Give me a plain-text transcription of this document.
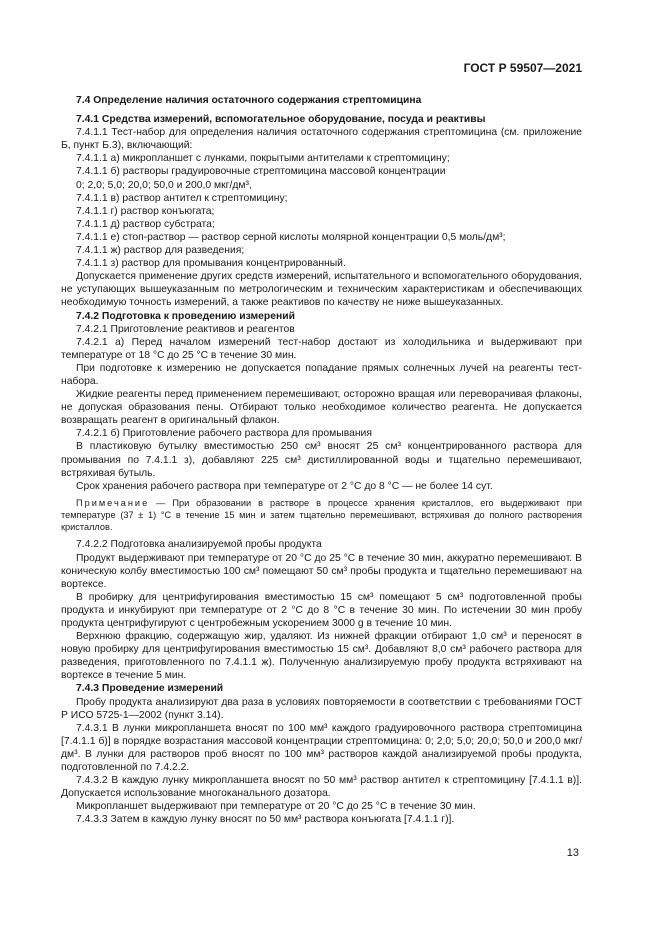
ГОСТ Р 59507—2021

7.4 Определение наличия остаточного содержания стрептомицина

7.4.1 Средства измерений, вспомогательное оборудование, посуда и реактивы

7.4.1.1 Тест-набор для определения наличия остаточного содержания стрептомицина (см. приложение Б, пункт Б.3), включающий:

7.4.1.1 а) микропланшет с лунками, покрытыми антителами к стрептомицину;

7.4.1.1 б) растворы градуировочные стрептомицина массовой концентрации

0; 2,0; 5,0; 20,0; 50,0 и 200,0 мкг/дм³,

7.4.1.1 в) раствор антител к стрептомицину;

7.4.1.1 г) раствор конъюгата;

7.4.1.1 д) раствор субстрата;

7.4.1.1 е) стоп-раствор — раствор серной кислоты молярной концентрации 0,5 моль/дм³;

7.4.1.1 ж) раствор для разведения;

7.4.1.1 з) раствор для промывания концентрированный.

Допускается применение других средств измерений, испытательного и вспомогательного оборудования, не уступающих вышеуказанным по метрологическим и техническим характеристикам и обеспечивающих необходимую точность измерений, а также реактивов по качеству не ниже вышеуказанных.

7.4.2 Подготовка к проведению измерений

7.4.2.1 Приготовление реактивов и реагентов

7.4.2.1 а) Перед началом измерений тест-набор достают из холодильника и выдерживают при температуре от 18 °С до 25 °С в течение 30 мин.

При подготовке к измерению не допускается попадание прямых солнечных лучей на реагенты тест-набора.

Жидкие реагенты перед применением перемешивают, осторожно вращая или переворачивая флаконы, не допуская образования пены. Отбирают только необходимое количество реагента. Не допускается возвращать реагент в оригинальный флакон.

7.4.2.1 б) Приготовление рабочего раствора для промывания

В пластиковую бутылку вместимостью 250 см³ вносят 25 см³ концентрированного раствора для промывания по 7.4.1.1 з), добавляют 225 см³ дистиллированной воды и тщательно перемешивают, встряхивая бутыль.

Срок хранения рабочего раствора при температуре от 2 °С до 8 °С — не более 14 сут.

Примечание — При образовании в растворе в процессе хранения кристаллов, его выдерживают при температуре (37 ± 1) °С в течение 15 мин и затем тщательно перемешивают, встряхивая до полного растворения кристаллов.

7.4.2.2 Подготовка анализируемой пробы продукта

Продукт выдерживают при температуре от 20 °С до 25 °С в течение 30 мин, аккуратно перемешивают. В коническую колбу вместимостью 100 см³ помещают 50 см³ пробы продукта и тщательно перемешивают на вортексе.

В пробирку для центрифугирования вместимостью 15 см³ помещают 5 см³ подготовленной пробы продукта и инкубируют при температуре от 2 °С до 8 °С в течение 30 мин. По истечении 30 мин пробу продукта центрифугируют с центробежным ускорением 3000 g в течение 10 мин.

Верхнюю фракцию, содержащую жир, удаляют. Из нижней фракции отбирают 1,0 см³ и переносят в новую пробирку для центрифугирования вместимостью 15 см³. Добавляют 8,0 см³ рабочего раствора для разведения, приготовленного по 7.4.1.1 ж). Полученную анализируемую пробу продукта встряхивают на вортексе в течение 5 мин.

7.4.3 Проведение измерений

Пробу продукта анализируют два раза в условиях повторяемости в соответствии с требованиями ГОСТ Р ИСО 5725-1—2002 (пункт 3.14).

7.4.3.1 В лунки микропланшета вносят по 100 мм³ каждого градуировочного раствора стрептомицина [7.4.1.1 б)] в порядке возрастания массовой концентрации стрептомицина: 0; 2,0; 5,0; 20,0; 50,0 и 200,0 мкг/дм³. В лунки для растворов проб вносят по 100 мм³ растворов каждой анализируемой пробы продукта, подготовленной по 7.4.2.2.

7.4.3.2 В каждую лунку микропланшета вносят по 50 мм³ раствор антител к стрептомицину [7.4.1.1 в)]. Допускается использование многоканального дозатора.

Микропланшет выдерживают при температуре от 20 °С до 25 °С в течение 30 мин.

7.4.3.3 Затем в каждую лунку вносят по 50 мм³ раствора конъюгата [7.4.1.1 г)].

13
